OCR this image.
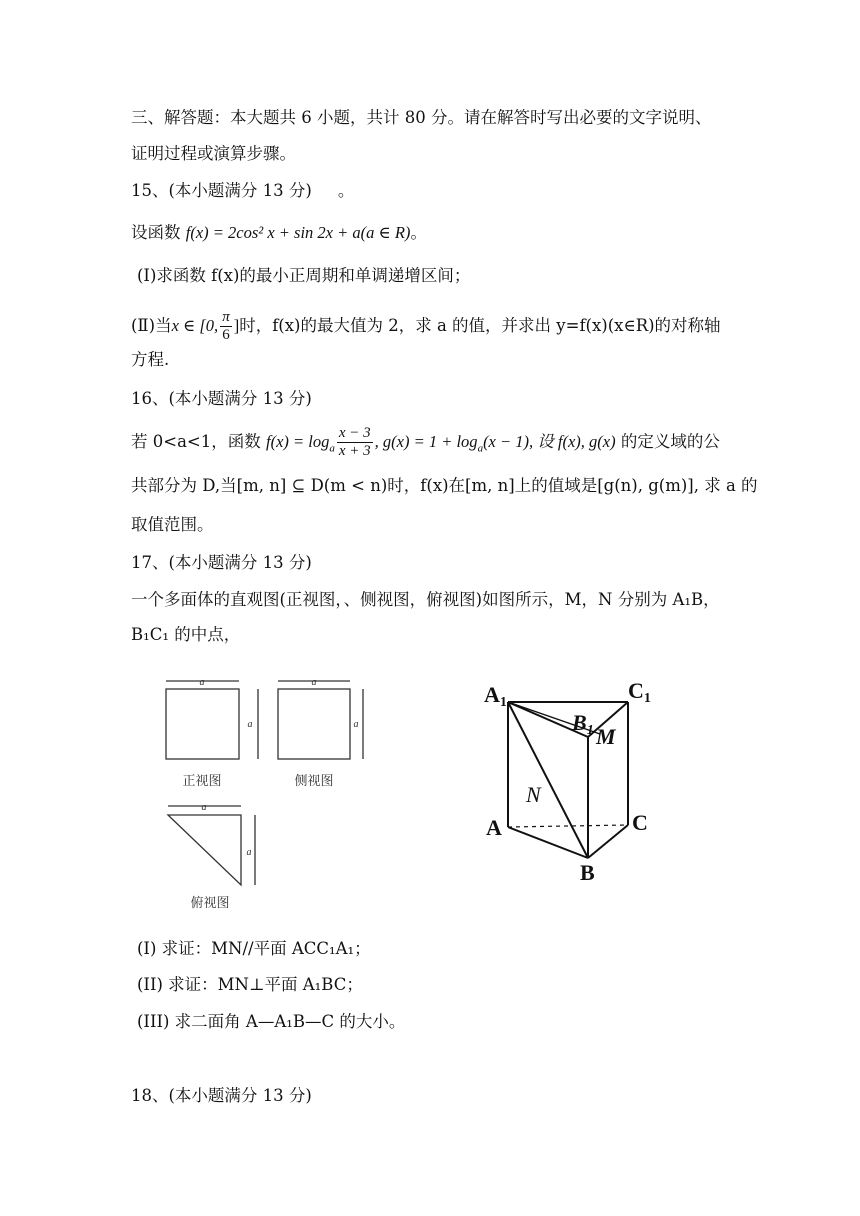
三、解答题：本大题共 6 小题，共计 80 分。请在解答时写出必要的文字说明、
证明过程或演算步骤。
15、(本小题满分 13 分) 。
设函数 f(x) = 2cos² x + sin 2x + a(a ∈ R)。
(I)求函数 f(x)的最小正周期和单调递增区间；
(Ⅱ)当x ∈ [0, $\frac{\pi}{6}$ ]时，f(x)的最大值为 2，求 a 的值，并求出 y=f(x)(x∈R)的对称轴
方程.
16、(本小题满分 13 分)
若 0<a<1，函数 $f(x) = \log_a \frac{x - 3}{x + 3}$ , $g(x) = 1 + \log_a(x - 1)$, 设 f(x), g(x) 的定义域的公
共部分为 D,当[m, n] ⊆ D(m < n)时，f(x)在[m, n]上的值域是[g(n), g(m)], 求 a 的
取值范围。
17、(本小题满分 13 分)
一个多面体的直观图(正视图，、侧视图，俯视图)如图所示，M，N 分别为 A₁B，
B₁C₁ 的中点，
a
a
a
a
a
a
正视图	侧视图
俯视图
A1	C1
B1 M
N
A	C
B
(I) 求证：MN//平面 ACC₁A₁；
(II) 求证：MN⊥平面 A₁BC；
(III) 求二面角 A—A₁B—C 的大小。
18、(本小题满分 13 分)
